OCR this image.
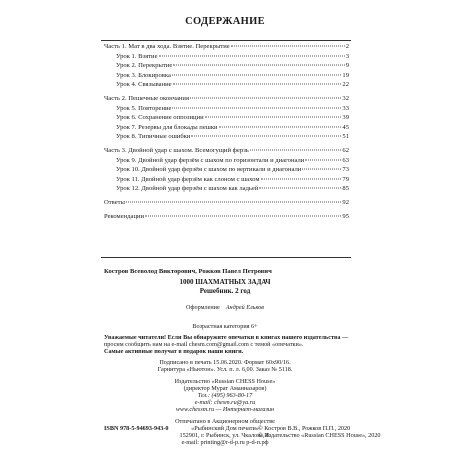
СОДЕРЖАНИЕ
Часть 1. Мат в два хода. Взятие. Перекрытие	2
Урок 1. Взятие	3
Урок 2. Перекрытие	9
Урок 3. Блокировка	19
Урок 4. Связывание	22
Часть 2. Пешечные окончания	32
Урок 5. Повторение	33
Урок 6. Сохранение оппозиции	39
Урок 7. Резервы для блокады пешки	45
Урок 8. Типичные ошибки	51
Часть 3. Двойной удар с шахом. Всемогущий ферзь	62
Урок 9. Двойной удар ферзём с шахом по горизонтали и диагонали	63
Урок 10. Двойной удар ферзём с шахом по вертикали и диагонали	73
Урок 11. Двойной удар ферзём как слоном с шахом	79
Урок 12. Двойной удар ферзём с шахом как ладьей	85
Ответы	92
Рекомендации	95
Костров Всеволод Викторович, Рожков Павел Петрович
1000 ШАХМАТНЫХ ЗАДАЧ
Решебник. 2 год
Оформление Андрей Ельков
Возрастная категория 6+
Уважаемые читатели! Если Вы обнаружите опечатки в книгах нашего издательства —
просим сообщить нам на e-mail chesm.com@gmail.com с темой «опечатки».
Самые активные получат в подарок наши книги.
Подписано в печать 15.06.2020. Формат 60х90/16.
Гарнитура «Ньютон». Усл. п. л. 6,00. Заказ № 5118.
Издательство «Russian CHESS House»
(директор Мурат Аманназаров)
Тел.: (495) 963-80-17
e-mail: chesm.ru@ya.ru
www.chessm.ru — Интернет-магазин
Отпечатано в Акционерном обществе
«Рыбинский Дом печати»
152901, г. Рыбинск, ул. Чкалова, 8.
e-mail: printing@r-d-p.ru p-d-п.рф
ISBN 978-5-94693-943-0	© Костров В.В., Рожков П.П., 2020
© Издательство «Russian CHESS House», 2020
